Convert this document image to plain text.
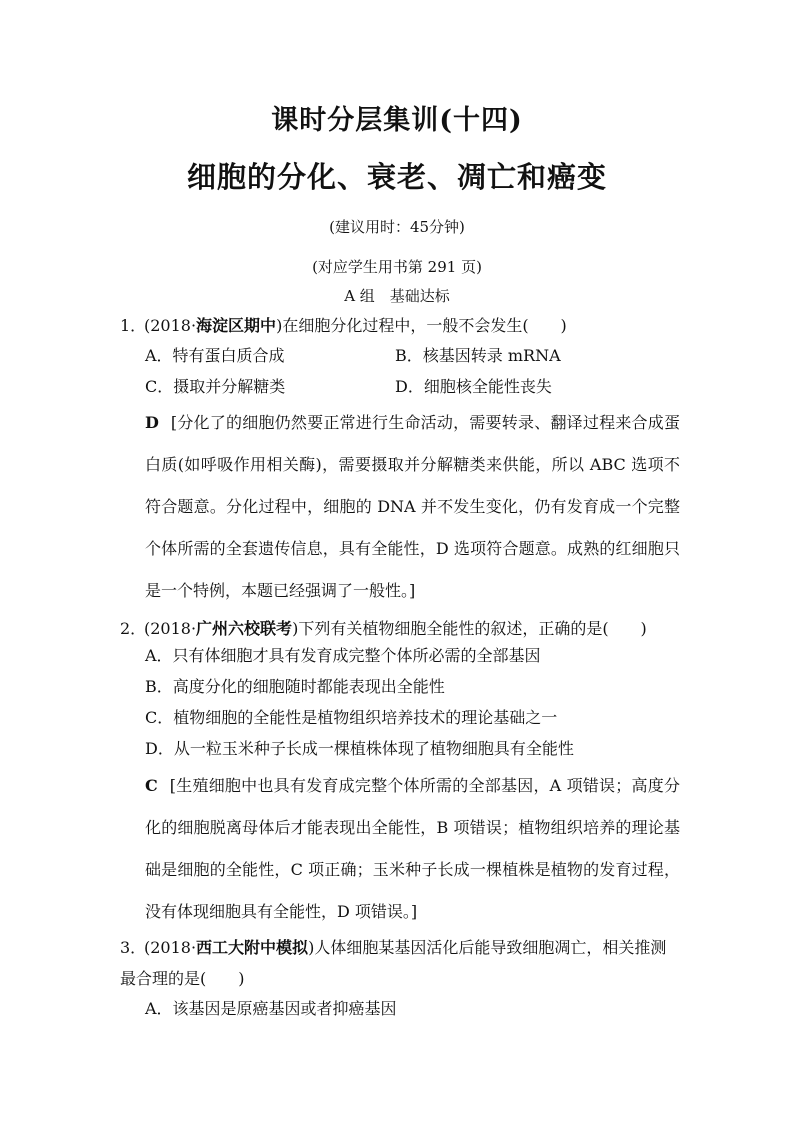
课时分层集训(十四)
细胞的分化、衰老、凋亡和癌变
(建议用时：45分钟)
(对应学生用书第 291 页)
A 组　基础达标
1．(2018·海淀区期中)在细胞分化过程中，一般不会发生(　　)
A．特有蛋白质合成	B．核基因转录 mRNA
C．摄取并分解糖类	D．细胞核全能性丧失
D [分化了的细胞仍然要正常进行生命活动，需要转录、翻译过程来合成蛋白质(如呼吸作用相关酶)，需要摄取并分解糖类来供能，所以 ABC 选项不符合题意。分化过程中，细胞的 DNA 并不发生变化，仍有发育成一个完整个体所需的全套遗传信息，具有全能性，D 选项符合题意。成熟的红细胞只是一个特例，本题已经强调了一般性。]
2．(2018·广州六校联考)下列有关植物细胞全能性的叙述，正确的是(　　)
A．只有体细胞才具有发育成完整个体所必需的全部基因
B．高度分化的细胞随时都能表现出全能性
C．植物细胞的全能性是植物组织培养技术的理论基础之一
D．从一粒玉米种子长成一棵植株体现了植物细胞具有全能性
C [生殖细胞中也具有发育成完整个体所需的全部基因，A 项错误；高度分化的细胞脱离母体后才能表现出全能性，B 项错误；植物组织培养的理论基础是细胞的全能性，C 项正确；玉米种子长成一棵植株是植物的发育过程，没有体现细胞具有全能性，D 项错误。]
3．(2018·西工大附中模拟)人体细胞某基因活化后能导致细胞凋亡，相关推测最合理的是(　　)
A．该基因是原癌基因或者抑癌基因
